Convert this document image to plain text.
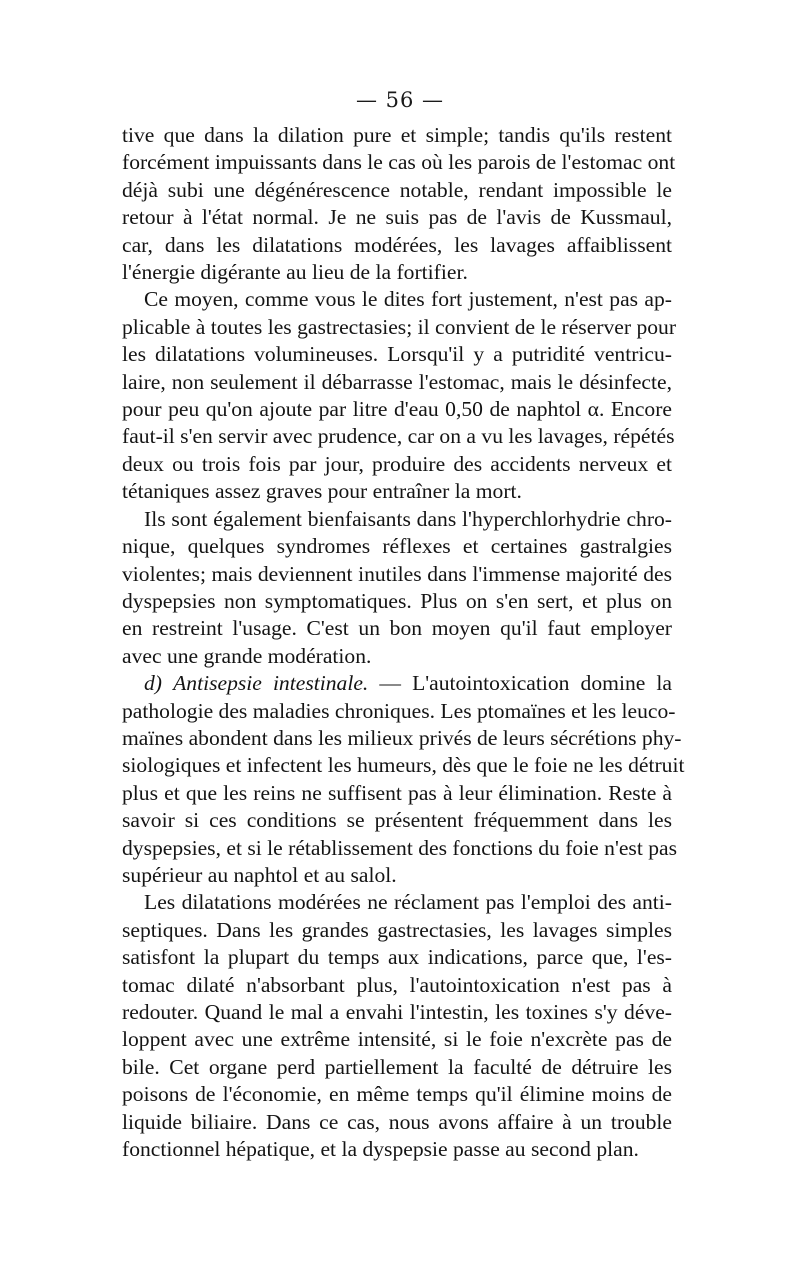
— 56 —
tive que dans la dilation pure et simple; tandis qu'ils restent
forcément impuissants dans le cas où les parois de l'estomac ont
déjà subi une dégénérescence notable, rendant impossible le
retour à l'état normal. Je ne suis pas de l'avis de Kussmaul,
car, dans les dilatations modérées, les lavages affaiblissent
l'énergie digérante au lieu de la fortifier.
Ce moyen, comme vous le dites fort justement, n'est pas ap-
plicable à toutes les gastrectasies; il convient de le réserver pour
les dilatations volumineuses. Lorsqu'il y a putridité ventricu-
laire, non seulement il débarrasse l'estomac, mais le désinfecte,
pour peu qu'on ajoute par litre d'eau 0,50 de naphtol α. Encore
faut-il s'en servir avec prudence, car on a vu les lavages, répétés
deux ou trois fois par jour, produire des accidents nerveux et
tétaniques assez graves pour entraîner la mort.
Ils sont également bienfaisants dans l'hyperchlorhydrie chro-
nique, quelques syndromes réflexes et certaines gastralgies
violentes; mais deviennent inutiles dans l'immense majorité des
dyspepsies non symptomatiques. Plus on s'en sert, et plus on
en restreint l'usage. C'est un bon moyen qu'il faut employer
avec une grande modération.
d) Antisepsie intestinale. — L'autointoxication domine la
pathologie des maladies chroniques. Les ptomaïnes et les leuco-
maïnes abondent dans les milieux privés de leurs sécrétions phy-
siologiques et infectent les humeurs, dès que le foie ne les détruit
plus et que les reins ne suffisent pas à leur élimination. Reste à
savoir si ces conditions se présentent fréquemment dans les
dyspepsies, et si le rétablissement des fonctions du foie n'est pas
supérieur au naphtol et au salol.
Les dilatations modérées ne réclament pas l'emploi des anti-
septiques. Dans les grandes gastrectasies, les lavages simples
satisfont la plupart du temps aux indications, parce que, l'es-
tomac dilaté n'absorbant plus, l'autointoxication n'est pas à
redouter. Quand le mal a envahi l'intestin, les toxines s'y déve-
loppent avec une extrême intensité, si le foie n'excrète pas de
bile. Cet organe perd partiellement la faculté de détruire les
poisons de l'économie, en même temps qu'il élimine moins de
liquide biliaire. Dans ce cas, nous avons affaire à un trouble
fonctionnel hépatique, et la dyspepsie passe au second plan.
